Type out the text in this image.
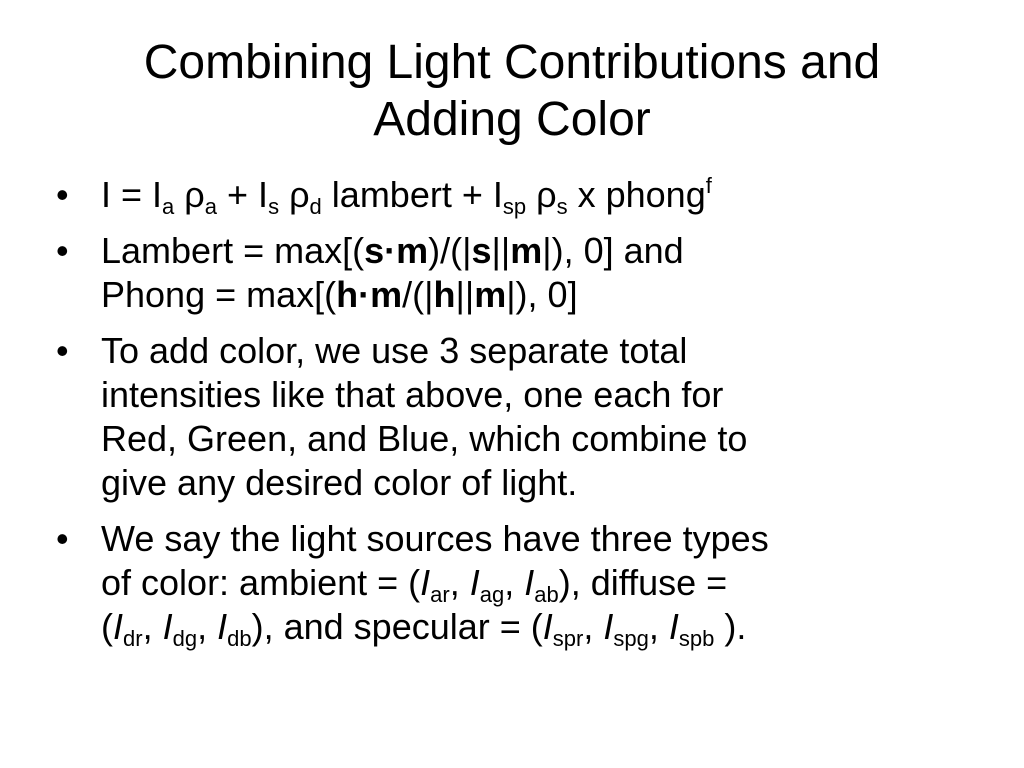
Combining Light Contributions and
Adding Color
• $I = I_a$ $\rho_a + I_s$ $\rho_d$ lambert + $I_{sp}$ $\rho_s$ x phong$^f$
• Lambert = max[(s·m)/(|s||m|), 0] and
Phong = max[(h·m/(|h||m|), 0]
• To add color, we use 3 separate total
intensities like that above, one each for
Red, Green, and Blue, which combine to
give any desired color of light.
• We say the light sources have three types
of color: ambient = ($I_{ar}$, $I_{ag}$, $I_{ab}$), diffuse =
($I_{dr}$, $I_{dg}$, $I_{db}$), and specular = ($I_{spr}$, $I_{spg}$, $I_{spb}$ ).
